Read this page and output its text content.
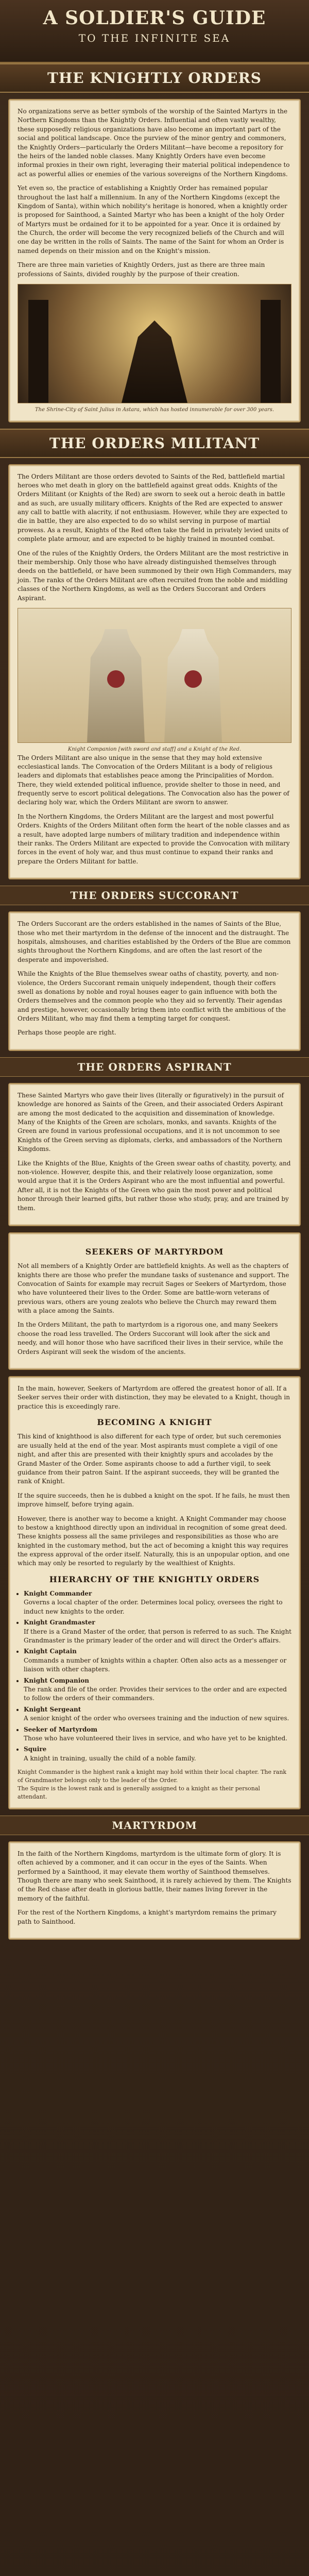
A SOLDIER'S GUIDE
TO THE INFINITE SEA
THE KNIGHTLY ORDERS

No organizations serve as better symbols of the worship of the Sainted Martyrs in the Northern Kingdoms than the Knightly Orders. Influential and often vastly wealthy, these supposedly religious organizations have also become an important part of the social and political landscape. Once the purview of the minor gentry and commoners, the Knightly Orders—particularly the Orders Militant—have become a repository for the heirs of the landed noble classes. Many Knightly Orders have even become informal proxies in their own right, leveraging their material political independence to act as powerful allies or enemies of the various sovereigns of the Northern Kingdoms.

Yet even so, the practice of establishing a Knightly Order has remained popular throughout the last half a millennium. In any of the Northern Kingdoms (except the Kingdom of Santa), within which nobility's heritage is honored, when a knightly order is proposed for Sainthood, a Sainted Martyr who has been a knight of the holy Order of Martyrs must be ordained for it to be appointed for a year. Once it is ordained by the Church, the order will become the very recognized beliefs of the Church and will one day be written in the rolls of Saints. The name of the Saint for whom an Order is named depends on their mission and on the Knight's mission.

There are three main varieties of Knightly Orders, just as there are three main professions of Saints, divided roughly by the purpose of their creation.

The Shrine-City of Saint Julius in Astara, which has hosted innumerable for over 300 years.
THE ORDERS MILITANT

The Orders Militant are those orders devoted to Saints of the Red, battlefield martial heroes who met death in glory on the battlefield against great odds. Knights of the Orders Militant (or Knights of the Red) are sworn to seek out a heroic death in battle and as such, are usually military officers. Knights of the Red are expected to answer any call to battle with alacrity, if not enthusiasm. However, while they are expected to die in battle, they are also expected to do so whilst serving in purpose of martial prowess. As a result, Knights of the Red often take the field in privately levied units of complete plate armour, and are expected to be highly trained in mounted combat.

One of the rules of the Knightly Orders, the Orders Militant are the most restrictive in their membership. Only those who have already distinguished themselves through deeds on the battlefield, or have been summoned by their own High Commanders, may join. The ranks of the Orders Militant are often recruited from the noble and middling classes of the Northern Kingdoms, as well as the Orders Succorant and Orders Aspirant.

Knight Companion [with sword and staff] and a Knight of the Red.

The Orders Militant are also unique in the sense that they may hold extensive ecclesiastical lands. The Convocation of the Orders Militant is a body of religious leaders and diplomats that establishes peace among the Principalities of Mordon. There, they wield extended political influence, provide shelter to those in need, and frequently serve to escort political delegations. The Convocation also has the power of declaring holy war, which the Orders Militant are sworn to answer.

In the Northern Kingdoms, the Orders Militant are the largest and most powerful Orders. Knights of the Orders Militant often form the heart of the noble classes and as a result, have adopted large numbers of military tradition and independence within their ranks. The Orders Militant are expected to provide the Convocation with military forces in the event of holy war, and thus must continue to expand their ranks and prepare the Orders Militant for battle.

THE ORDERS SUCCORANT

The Orders Succorant are the orders established in the names of Saints of the Blue, those who met their martyrdom in the defense of the innocent and the distraught. The hospitals, almshouses, and charities established by the Orders of the Blue are common sights throughout the Northern Kingdoms, and are often the last resort of the desperate and impoverished.

While the Knights of the Blue themselves swear oaths of chastity, poverty, and non-violence, the Orders Succorant remain uniquely independent, though their coffers swell as donations by noble and royal houses eager to gain influence with both the Orders themselves and the common people who they aid so fervently. Their agendas and prestige, however, occasionally bring them into conflict with the ambitious of the Orders Militant, who may find them a tempting target for conquest.

Perhaps those people are right.

THE ORDERS ASPIRANT

These Sainted Martyrs who gave their lives (literally or figuratively) in the pursuit of knowledge are honored as Saints of the Green, and their associated Orders Aspirant are among the most dedicated to the acquisition and dissemination of knowledge. Many of the Knights of the Green are scholars, monks, and savants. Knights of the Green are found in various professional occupations, and it is not uncommon to see Knights of the Green serving as diplomats, clerks, and ambassadors of the Northern Kingdoms.

Like the Knights of the Blue, Knights of the Green swear oaths of chastity, poverty, and non-violence. However, despite this, and their relatively loose organization, some would argue that it is the Orders Aspirant who are the most influential and powerful. After all, it is not the Knights of the Green who gain the most power and political honor through their learned gifts, but rather those who study, pray, and are trained by them.

SEEKERS OF MARTYRDOM

Not all members of a Knightly Order are battlefield knights. As well as the chapters of knights there are those who prefer the mundane tasks of sustenance and support. The Convocation of Saints for example may recruit Sages or Seekers of Martyrdom, those who have volunteered their lives to the Order. Some are battle-worn veterans of previous wars, others are young zealots who believe the Church may reward them with a place among the Saints.

In the Orders Militant, the path to martyrdom is a rigorous one, and many Seekers choose the road less travelled. The Orders Succorant will look after the sick and needy, and will honor those who have sacrificed their lives in their service, while the Orders Aspirant will seek the wisdom of the ancients.

In the main, however, Seekers of Martyrdom are offered the greatest honor of all. If a Seeker serves their order with distinction, they may be elevated to a Knight, though in practice this is exceedingly rare.

BECOMING A KNIGHT

This kind of knighthood is also different for each type of order, but such ceremonies are usually held at the end of the year. Most aspirants must complete a vigil of one night, and after this are presented with their knightly spurs and accolades by the Grand Master of the Order. Some aspirants choose to add a further vigil, to seek guidance from their patron Saint. If the aspirant succeeds, they will be granted the rank of Knight.

If the squire succeeds, then he is dubbed a knight on the spot. If he fails, he must then improve himself, before trying again.

However, there is another way to become a knight. A Knight Commander may choose to bestow a knighthood directly upon an individual in recognition of some great deed. These knights possess all the same privileges and responsibilities as those who are knighted in the customary method, but the act of becoming a knight this way requires the express approval of the order itself. Naturally, this is an unpopular option, and one which may only be resorted to regularly by the wealthiest of Knights.

HIERARCHY OF THE KNIGHTLY ORDERS
• Knight Commander
Governs a local chapter of the order. Determines local policy, oversees the right to induct new knights to the order.
• Knight Grandmaster
If there is a Grand Master of the order, that person is referred to as such. The Knight Grandmaster is the primary leader of the order and will direct the Order's affairs.
• Knight Captain
Commands a number of knights within a chapter. Often also acts as a messenger or liaison with other chapters.
• Knight Companion
The rank and file of the order. Provides their services to the order and are expected to follow the orders of their commanders.
• Knight Sergeant
A senior knight of the order who oversees training and the induction of new squires.
• Seeker of Martyrdom
Those who have volunteered their lives in service, and who have yet to be knighted.
• Squire
A knight in training, usually the child of a noble family.
Knight Commander is the highest rank a knight may hold within their local chapter. The rank of Grandmaster belongs only to the leader of the Order.
The Squire is the lowest rank and is generally assigned to a knight as their personal attendant.
MARTYRDOM

In the faith of the Northern Kingdoms, martyrdom is the ultimate form of glory. It is often achieved by a commoner, and it can occur in the eyes of the Saints. When performed by a Sainthood, it may elevate them worthy of Sainthood themselves. Though there are many who seek Sainthood, it is rarely achieved by them. The Knights of the Red chase after death in glorious battle, their names living forever in the memory of the faithful.

For the rest of the Northern Kingdoms, a knight's martyrdom remains the primary path to Sainthood.
